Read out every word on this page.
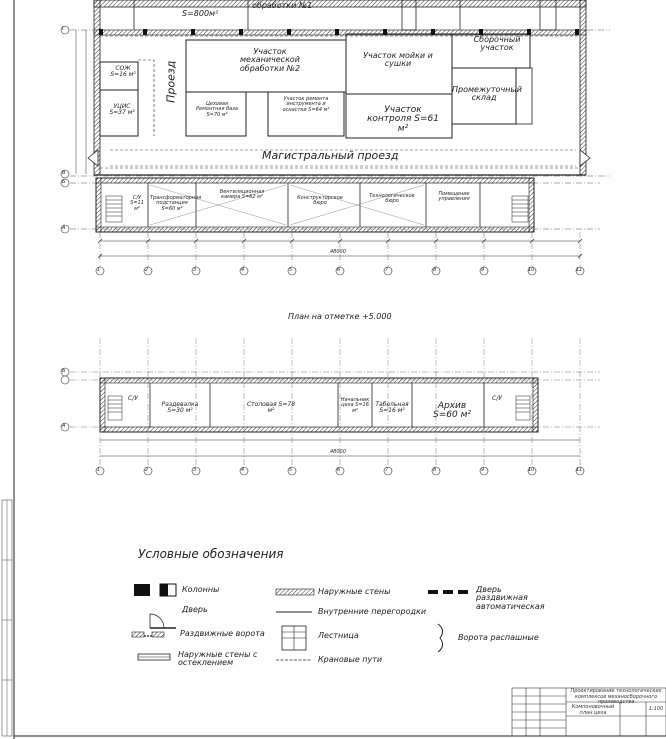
S=800м²
обработки №1
Участок механической обработки №2
Участок мойки и сушки
Сборочный участок
Промежуточный склад
СОЖ S=16 м²
УЦИС S=37 м²
Проезд
Цеховая Ремонтная база S=70 м²
Участок ремонта инструмента и оснастки S=64 м²	Участок контроля S=61 м²
Магистральный проезд
С/У S=11 м²
Трансформаторная подстанция S=60 м²
Вентиляционная камера S=62 м²	Конструкторское бюро
Технологическое бюро
Помещение управления
Г
В
Б
А
48000
1	2	3	4	5	6	7	8	9	10	11
План на отметке +5.000
С/У
Раздевалка S=30 м²
Столовая S=78 м²
Начальник цеха S=16 м²
Табельная S=16 м²	Архив S=60 м²
С/У
Б
А
48000
1	2	3	4	5	6	7	8	9	10	11
Условные обозначения
Колонны
Дверь
Раздвижные ворота
Наружные стены с остеклением
Наружные стены
Внутренние перегородки
Лестница
Крановые пути
Дверь раздвижная автоматическая
Ворота распашные
Проектирование технологических комплексов механосборочного производства
Компоновочный план цеха
1:100
